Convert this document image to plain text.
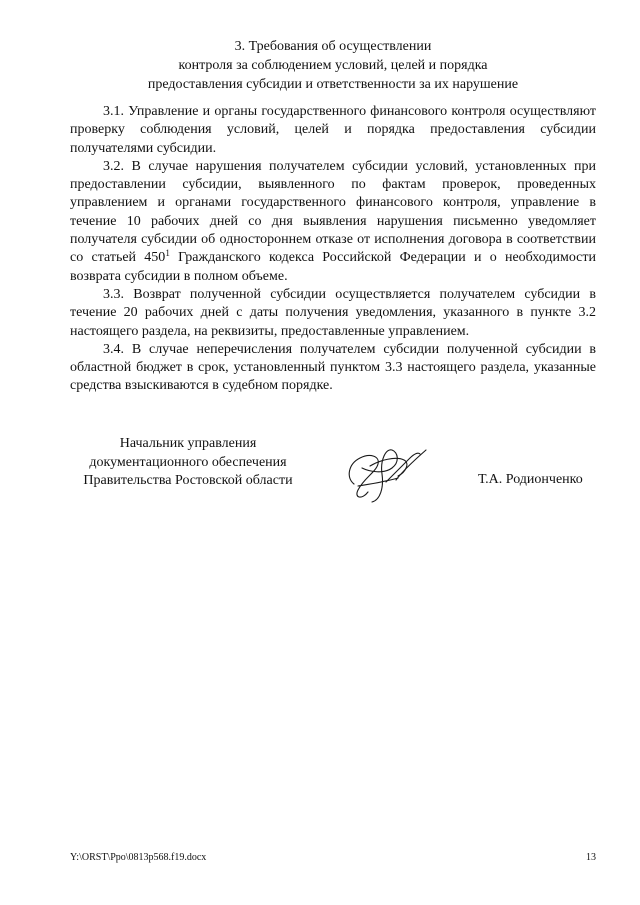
3. Требования об осуществлении
контроля за соблюдением условий, целей и порядка
предоставления субсидии и ответственности за их нарушение

3.1. Управление и органы государственного финансового контроля осуществляют проверку соблюдения условий, целей и порядка предоставления субсидии получателями субсидии.

3.2. В случае нарушения получателем субсидии условий, установленных при предоставлении субсидии, выявленного по фактам проверок, проведенных управлением и органами государственного финансового контроля, управление в течение 10 рабочих дней со дня выявления нарушения письменно уведомляет получателя субсидии об одностороннем отказе от исполнения договора в соответствии со статьей $450^1$ Гражданского кодекса Российской Федерации и о необходимости возврата субсидии в полном объеме.

3.3. Возврат полученной субсидии осуществляется получателем субсидии в течение 20 рабочих дней с даты получения уведомления, указанного в пункте 3.2 настоящего раздела, на реквизиты, предоставленные управлением.

3.4. В случае неперечисления получателем субсидии полученной субсидии в областной бюджет в срок, установленный пунктом 3.3 настоящего раздела, указанные средства взыскиваются в судебном порядке.

Начальник управления
документационного обеспечения
Правительства Ростовской области	Т.А. Родионченко
Y:\ORST\Ppo\0813p568.f19.docx	13
